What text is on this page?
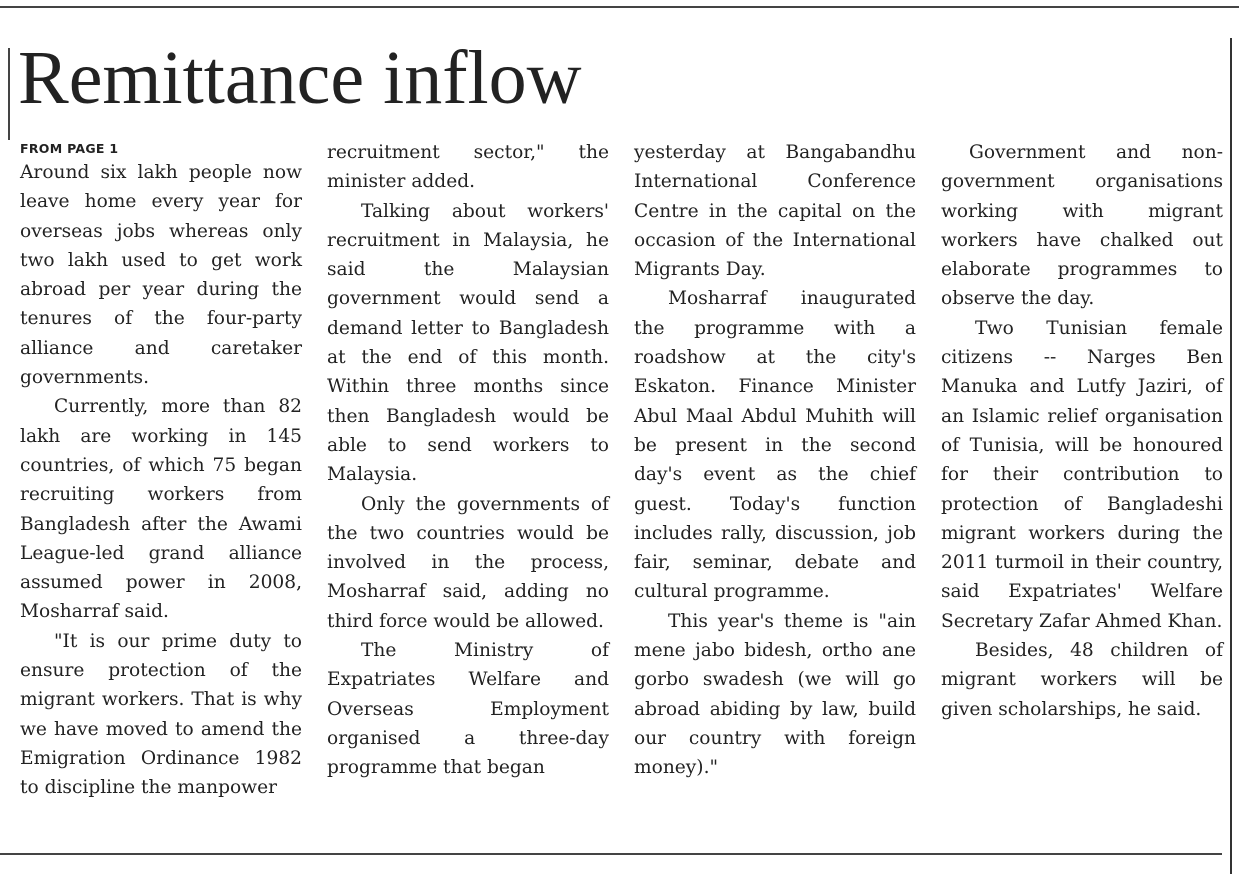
Remittance inflow
FROM PAGE 1

Around six lakh people now leave home every year for overseas jobs whereas only two lakh used to get work abroad per year during the tenures of the four-party alliance and caretaker governments.

Currently, more than 82 lakh are working in 145 countries, of which 75 began recruiting workers from Bangladesh after the Awami League-led grand alliance assumed power in 2008, Mosharraf said.

"It is our prime duty to ensure protection of the migrant workers. That is why we have moved to amend the Emigration Ordinance 1982 to discipline the manpower

recruitment sector," the minister added.

Talking about workers' recruitment in Malaysia, he said the Malaysian government would send a demand letter to Bangladesh at the end of this month. Within three months since then Bangladesh would be able to send workers to Malaysia.

Only the governments of the two countries would be involved in the process, Mosharraf said, adding no third force would be allowed.

The Ministry of Expatriates Welfare and Overseas Employment organised a three-day programme that began

yesterday at Bangabandhu International Conference Centre in the capital on the occasion of the International Migrants Day.

Mosharraf inaugurated the programme with a roadshow at the city's Eskaton. Finance Minister Abul Maal Abdul Muhith will be present in the second day's event as the chief guest. Today's function includes rally, discussion, job fair, seminar, debate and cultural programme.

This year's theme is "ain mene jabo bidesh, ortho ane gorbo swadesh (we will go abroad abiding by law, build our country with foreign money)."

Government and non-government organisations working with migrant workers have chalked out elaborate programmes to observe the day.

Two Tunisian female citizens -- Narges Ben Manuka and Lutfy Jaziri, of an Islamic relief organisation of Tunisia, will be honoured for their contribution to protection of Bangladeshi migrant workers during the 2011 turmoil in their country, said Expatriates' Welfare Secretary Zafar Ahmed Khan.

Besides, 48 children of migrant workers will be given scholarships, he said.
